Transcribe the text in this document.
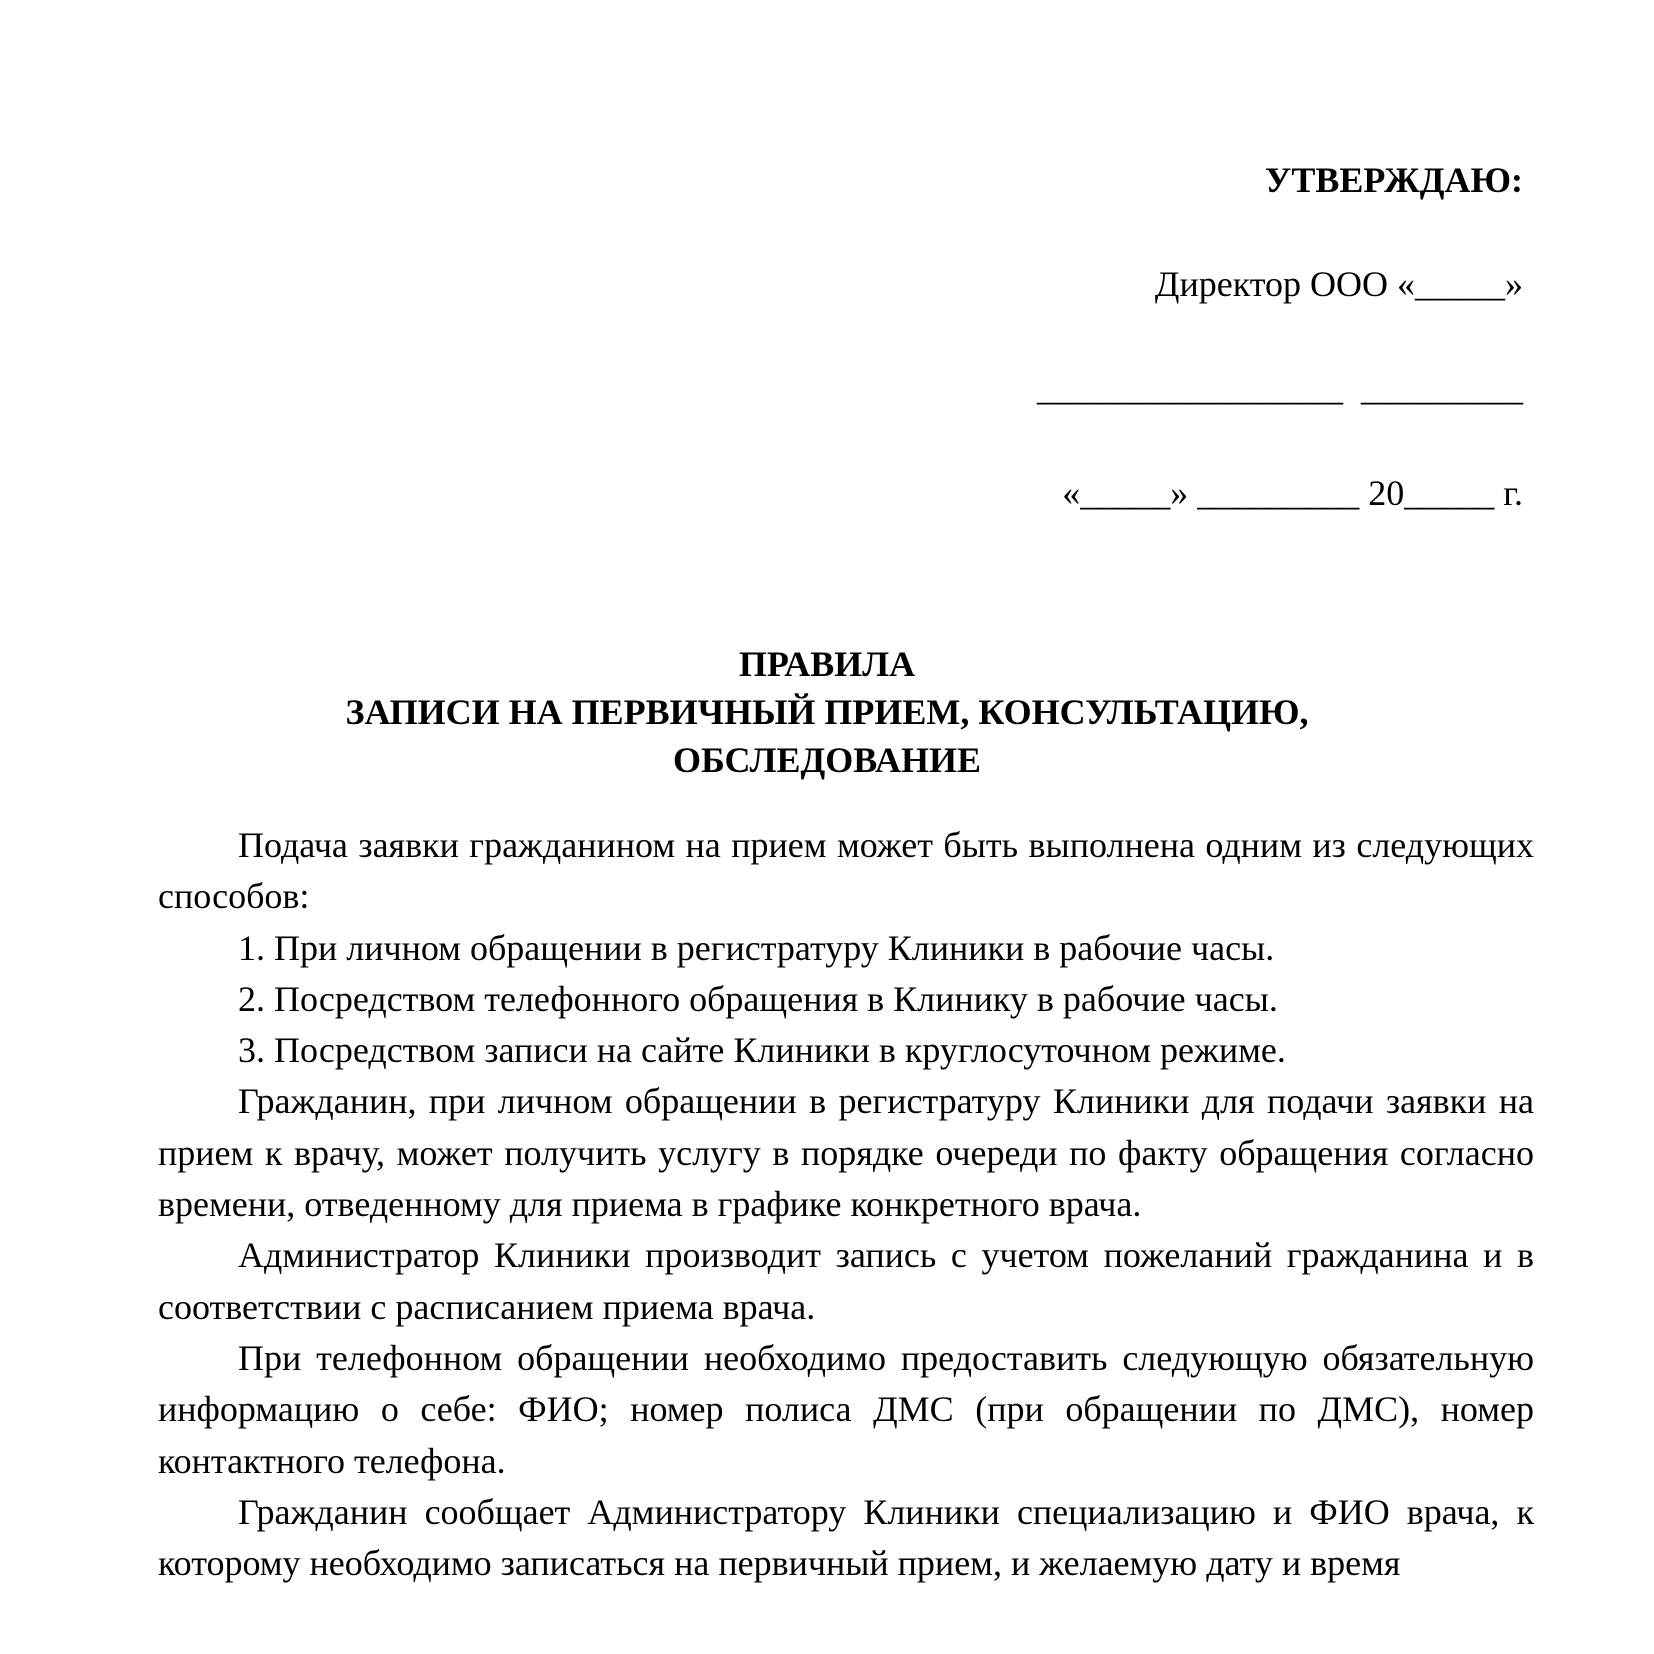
УТВЕРЖДАЮ:
Директор ООО «_____»
_________________  _________
«_____» _________ 20_____ г.
ПРАВИЛА
ЗАПИСИ НА ПЕРВИЧНЫЙ ПРИЕМ, КОНСУЛЬТАЦИЮ,
ОБСЛЕДОВАНИЕ

Подача заявки гражданином на прием может быть выполнена одним из следующих способов:

1. При личном обращении в регистратуру Клиники в рабочие часы.

2. Посредством телефонного обращения в Клинику в рабочие часы.

3. Посредством записи на сайте Клиники в круглосуточном режиме.

Гражданин, при личном обращении в регистратуру Клиники для подачи заявки на прием к врачу, может получить услугу в порядке очереди по факту обращения согласно времени, отведенному для приема в графике конкретного врача.

Администратор Клиники производит запись с учетом пожеланий гражданина и в соответствии с расписанием приема врача.

При телефонном обращении необходимо предоставить следующую обязательную информацию о себе: ФИО; номер полиса ДМС (при обращении по ДМС), номер контактного телефона.

Гражданин сообщает Администратору Клиники специализацию и ФИО врача, к которому необходимо записаться на первичный прием, и желаемую дату и время
